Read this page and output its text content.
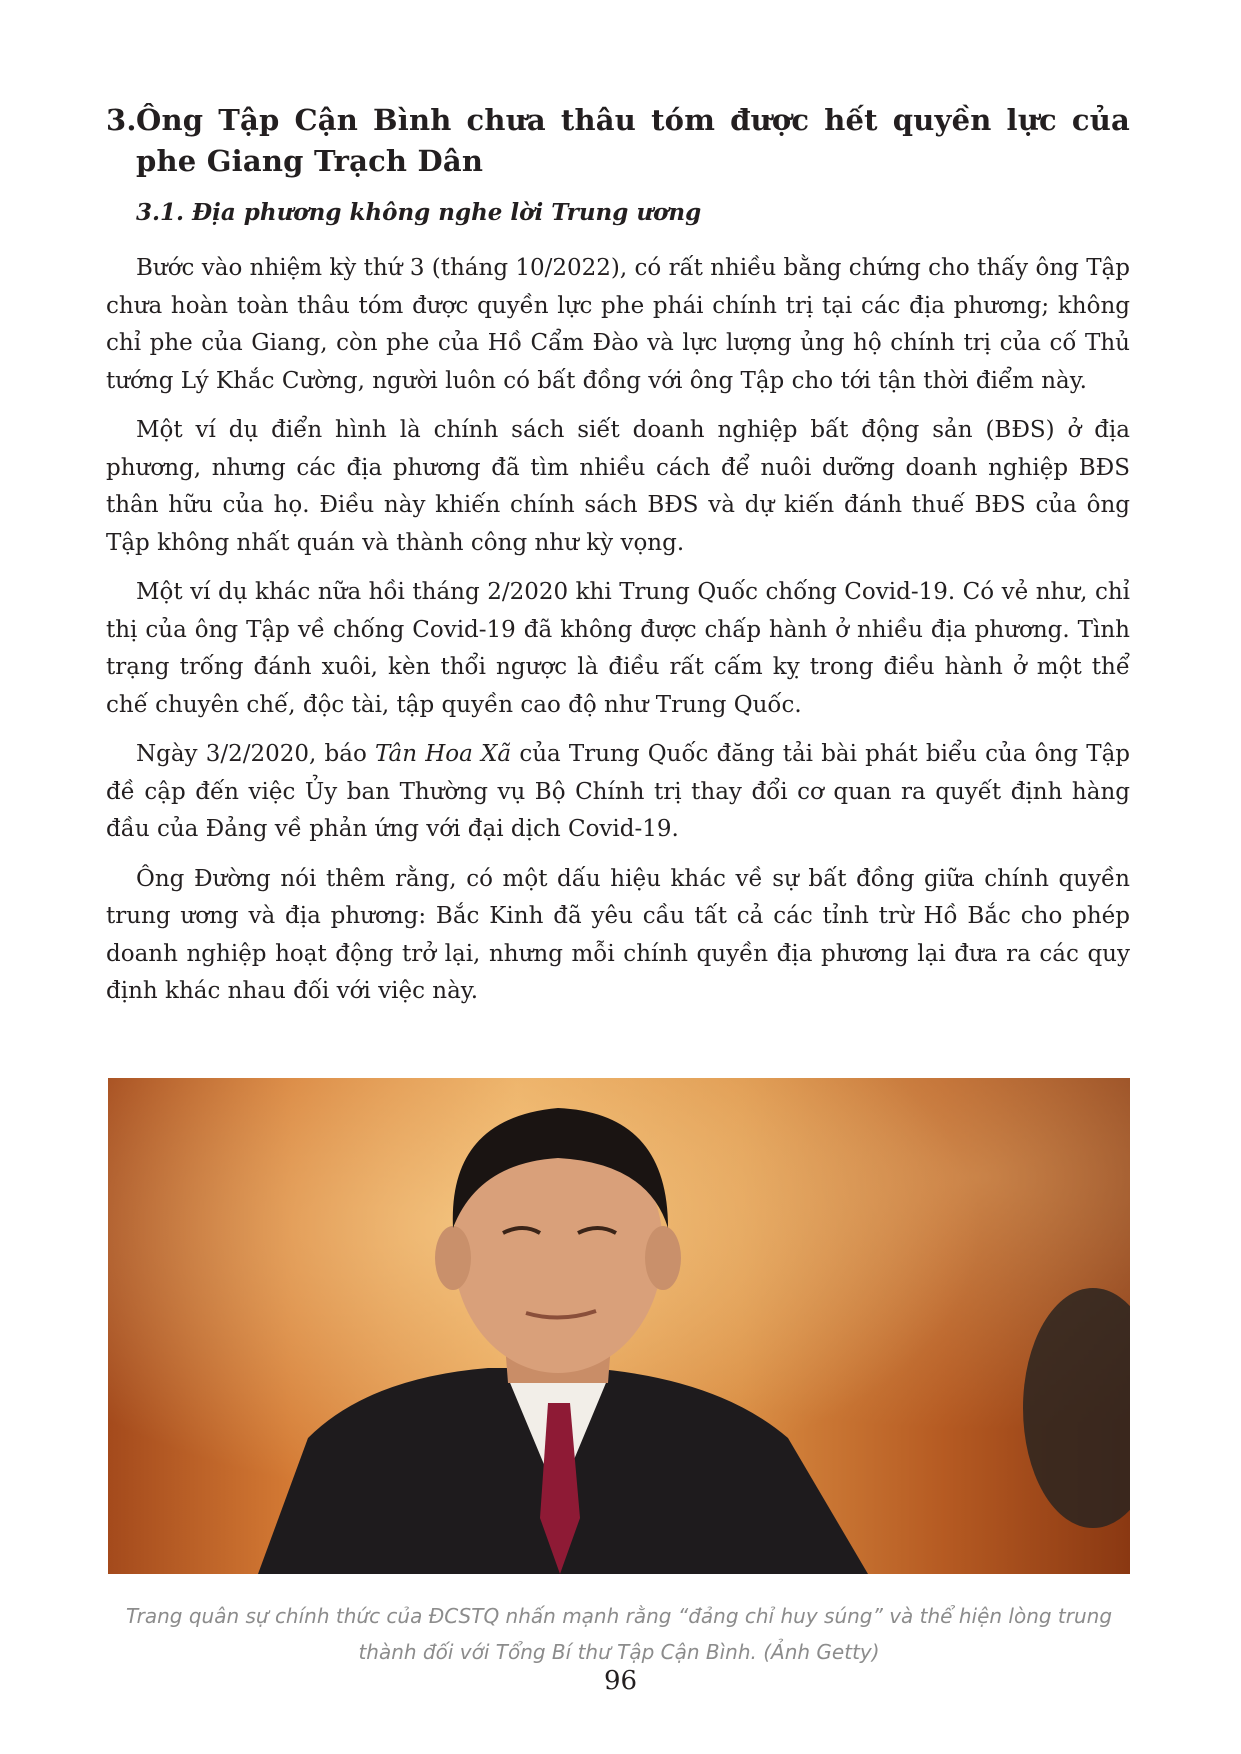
3. Ông Tập Cận Bình chưa thâu tóm được hết quyền lực của phe Giang Trạch Dân
3.1. Địa phương không nghe lời Trung ương

Bước vào nhiệm kỳ thứ 3 (tháng 10/2022), có rất nhiều bằng chứng cho thấy ông Tập chưa hoàn toàn thâu tóm được quyền lực phe phái chính trị tại các địa phương; không chỉ phe của Giang, còn phe của Hồ Cẩm Đào và lực lượng ủng hộ chính trị của cố Thủ tướng Lý Khắc Cường, người luôn có bất đồng với ông Tập cho tới tận thời điểm này.

Một ví dụ điển hình là chính sách siết doanh nghiệp bất động sản (BĐS) ở địa phương, nhưng các địa phương đã tìm nhiều cách để nuôi dưỡng doanh nghiệp BĐS thân hữu của họ. Điều này khiến chính sách BĐS và dự kiến đánh thuế BĐS của ông Tập không nhất quán và thành công như kỳ vọng.

Một ví dụ khác nữa hồi tháng 2/2020 khi Trung Quốc chống Covid-19. Có vẻ như, chỉ thị của ông Tập về chống Covid-19 đã không được chấp hành ở nhiều địa phương. Tình trạng trống đánh xuôi, kèn thổi ngược là điều rất cấm kỵ trong điều hành ở một thể chế chuyên chế, độc tài, tập quyền cao độ như Trung Quốc.

Ngày 3/2/2020, báo Tân Hoa Xã của Trung Quốc đăng tải bài phát biểu của ông Tập đề cập đến việc Ủy ban Thường vụ Bộ Chính trị thay đổi cơ quan ra quyết định hàng đầu của Đảng về phản ứng với đại dịch Covid-19.

Ông Đường nói thêm rằng, có một dấu hiệu khác về sự bất đồng giữa chính quyền trung ương và địa phương: Bắc Kinh đã yêu cầu tất cả các tỉnh trừ Hồ Bắc cho phép doanh nghiệp hoạt động trở lại, nhưng mỗi chính quyền địa phương lại đưa ra các quy định khác nhau đối với việc này.

Trang quân sự chính thức của ĐCSTQ nhấn mạnh rằng “đảng chỉ huy súng” và thể hiện lòng trung thành đối với Tổng Bí thư Tập Cận Bình. (Ảnh Getty)
96
